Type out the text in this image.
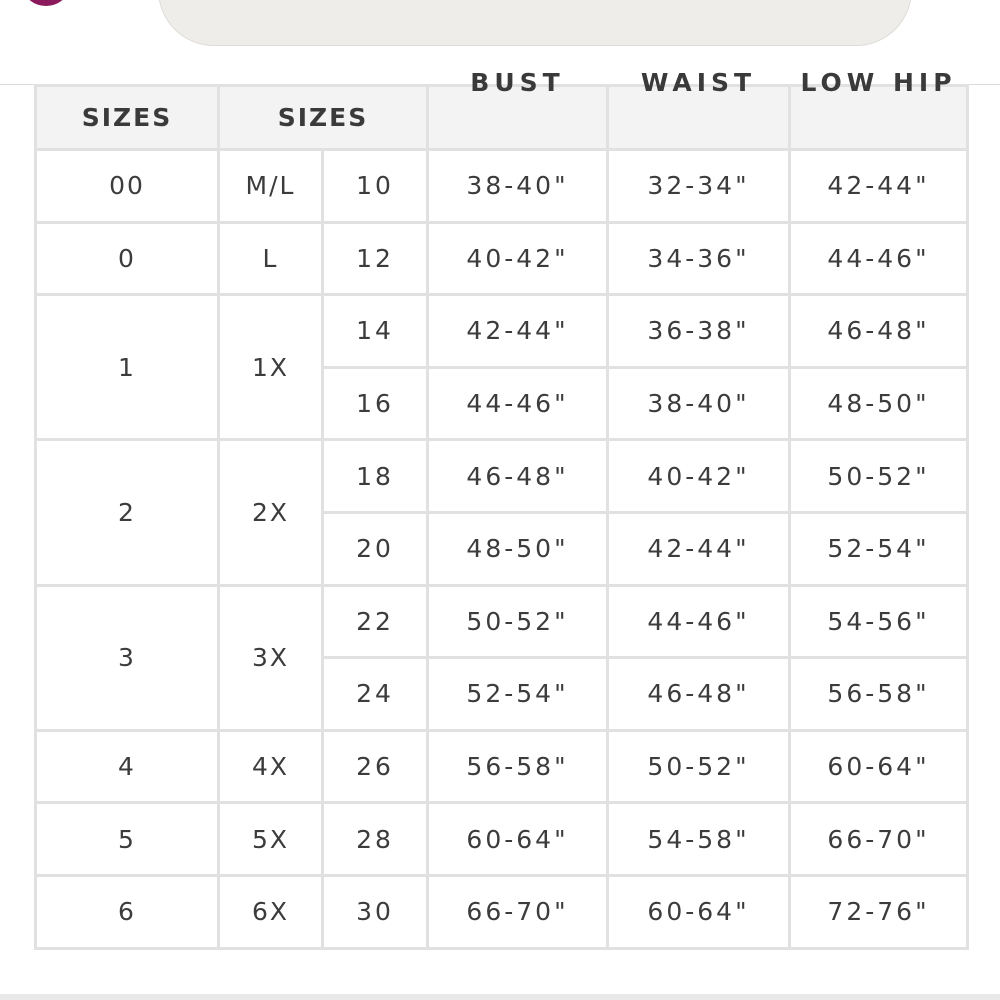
SIZES	SIZES		BUST	WAIST	LOW HIP

00	M/L	10	38-40"	32-34"	42-44"
0	L	12	40-42"	34-36"	44-46"
1	1X	14	42-44"	36-38"	46-48"
		16	44-46"	38-40"	48-50"
2	2X	18	46-48"	40-42"	50-52"
		20	48-50"	42-44"	52-54"
3	3X	22	50-52"	44-46"	54-56"
		24	52-54"	46-48"	56-58"
4	4X	26	56-58"	50-52"	60-64"
5	5X	28	60-64"	54-58"	66-70"
6	6X	30	66-70"	60-64"	72-76"
